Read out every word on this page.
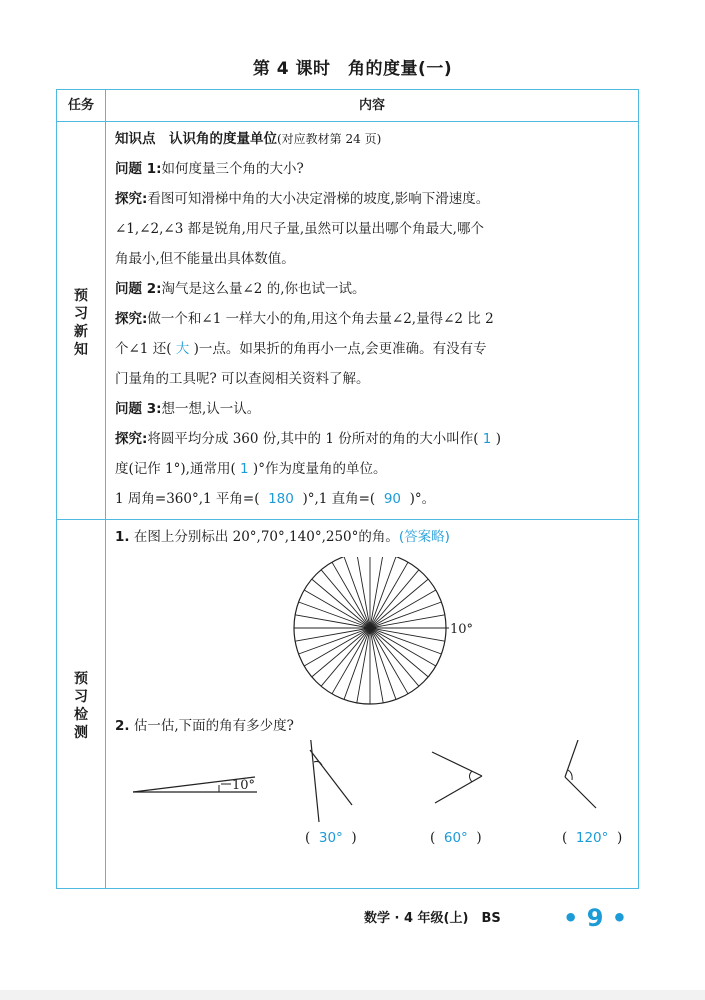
第 4 课时　角的度量(一)
任务	内容
预
习
新
知

知识点　认识角的度量单位(对应教材第 24 页)

问题 1:如何度量三个角的大小?

探究:看图可知滑梯中角的大小决定滑梯的坡度,影响下滑速度。

∠1,∠2,∠3 都是锐角,用尺子量,虽然可以量出哪个角最大,哪个

角最小,但不能量出具体数值。

问题 2:淘气是这么量∠2 的,你也试一试。

探究:做一个和∠1 一样大小的角,用这个角去量∠2,量得∠2 比 2

个∠1 还( 大 )一点。如果折的角再小一点,会更准确。有没有专

门量角的工具呢? 可以查阅相关资料了解。

问题 3:想一想,认一认。

探究:将圆平均分成 360 份,其中的 1 份所对的角的大小叫作( 1 )

度(记作 1°),通常用( 1 )°作为度量角的单位。

1 周角=360°,1 平角=( 180 )°,1 直角=( 90 )°。

预
习
检
测

1. 在图上分别标出 20°,70°,140°,250°的角。(答案略)

10°

2. 估一估,下面的角有多少度?

10°
( 30° )	( 60° )	( 120° )
数学 · 4 年级(上)　BS	• 9 •
